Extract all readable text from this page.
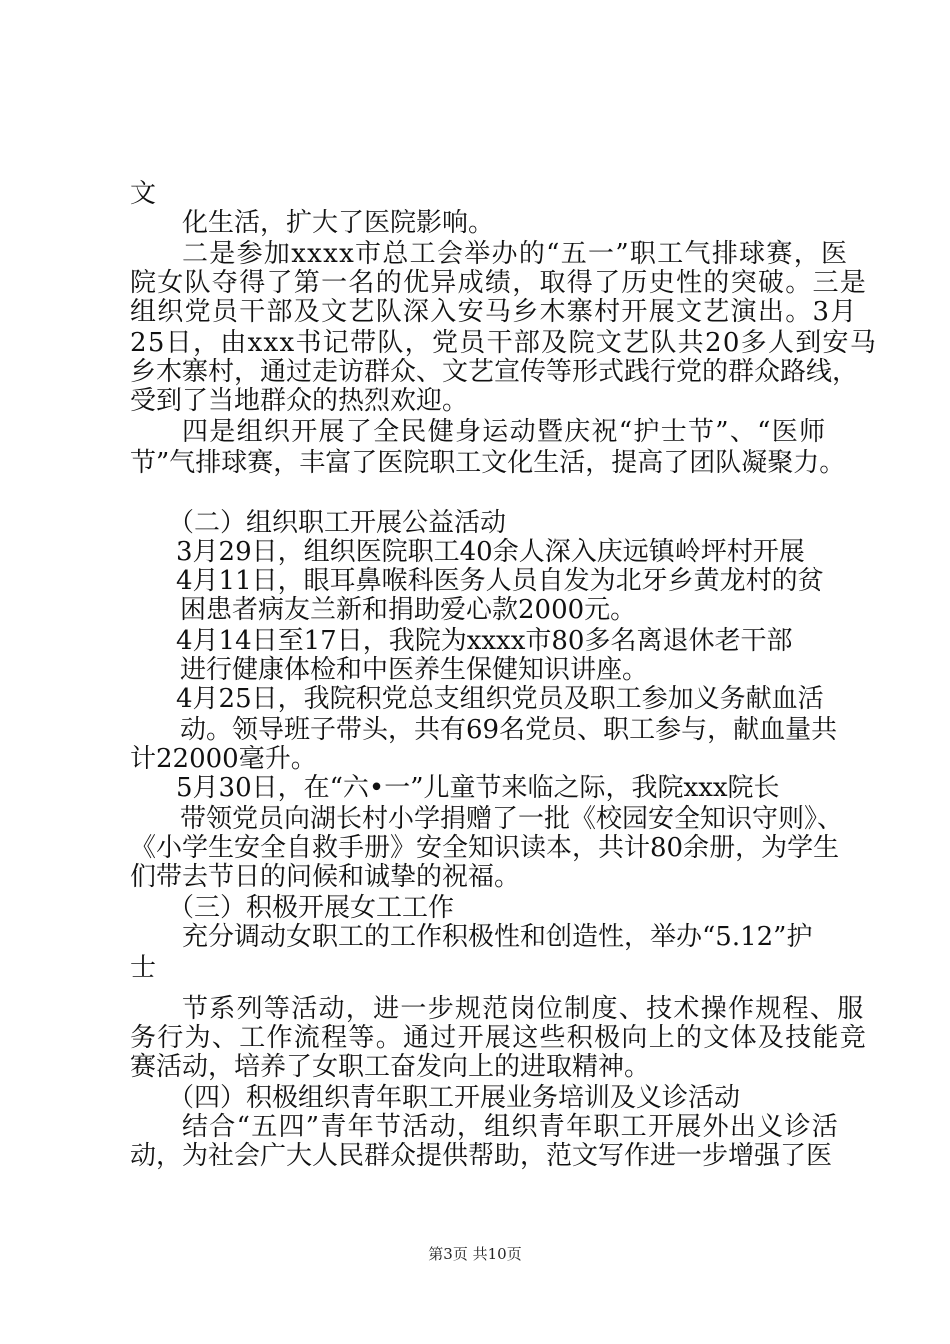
文

化生活，扩大了医院影响。

二是参加xxxx市总工会举办的“五一”职工气排球赛，医

院女队夺得了第一名的优异成绩，取得了历史性的突破。三是

组织党员干部及文艺队深入安马乡木寨村开展文艺演出。3月

25日，由xxx书记带队，党员干部及院文艺队共20多人到安马

乡木寨村，通过走访群众、文艺宣传等形式践行党的群众路线，

受到了当地群众的热烈欢迎。

四是组织开展了全民健身运动暨庆祝“护士节”、“医师

节”气排球赛，丰富了医院职工文化生活，提高了团队凝聚力。

（二）组织职工开展公益活动

3月29日，组织医院职工40余人深入庆远镇岭坪村开展

4月11日，眼耳鼻喉科医务人员自发为北牙乡黄龙村的贫

困患者病友兰新和捐助爱心款2000元。

4月14日至17日，我院为xxxx市80多名离退休老干部

进行健康体检和中医养生保健知识讲座。

4月25日，我院积党总支组织党员及职工参加义务献血活

动。领导班子带头，共有69名党员、职工参与，献血量共

计22000毫升。

5月30日，在“六•一”儿童节来临之际，我院xxx院长

带领党员向湖长村小学捐赠了一批《校园安全知识守则》、

《小学生安全自救手册》安全知识读本，共计80余册，为学生

们带去节日的问候和诚挚的祝福。

（三）积极开展女工工作

充分调动女职工的工作积极性和创造性，举办“5.12”护

士

节系列等活动，进一步规范岗位制度、技术操作规程、服

务行为、工作流程等。通过开展这些积极向上的文体及技能竞

赛活动，培养了女职工奋发向上的进取精神。

（四）积极组织青年职工开展业务培训及义诊活动

结合“五四”青年节活动，组织青年职工开展外出义诊活

动，为社会广大人民群众提供帮助，范文写作进一步增强了医

第3页 共10页
